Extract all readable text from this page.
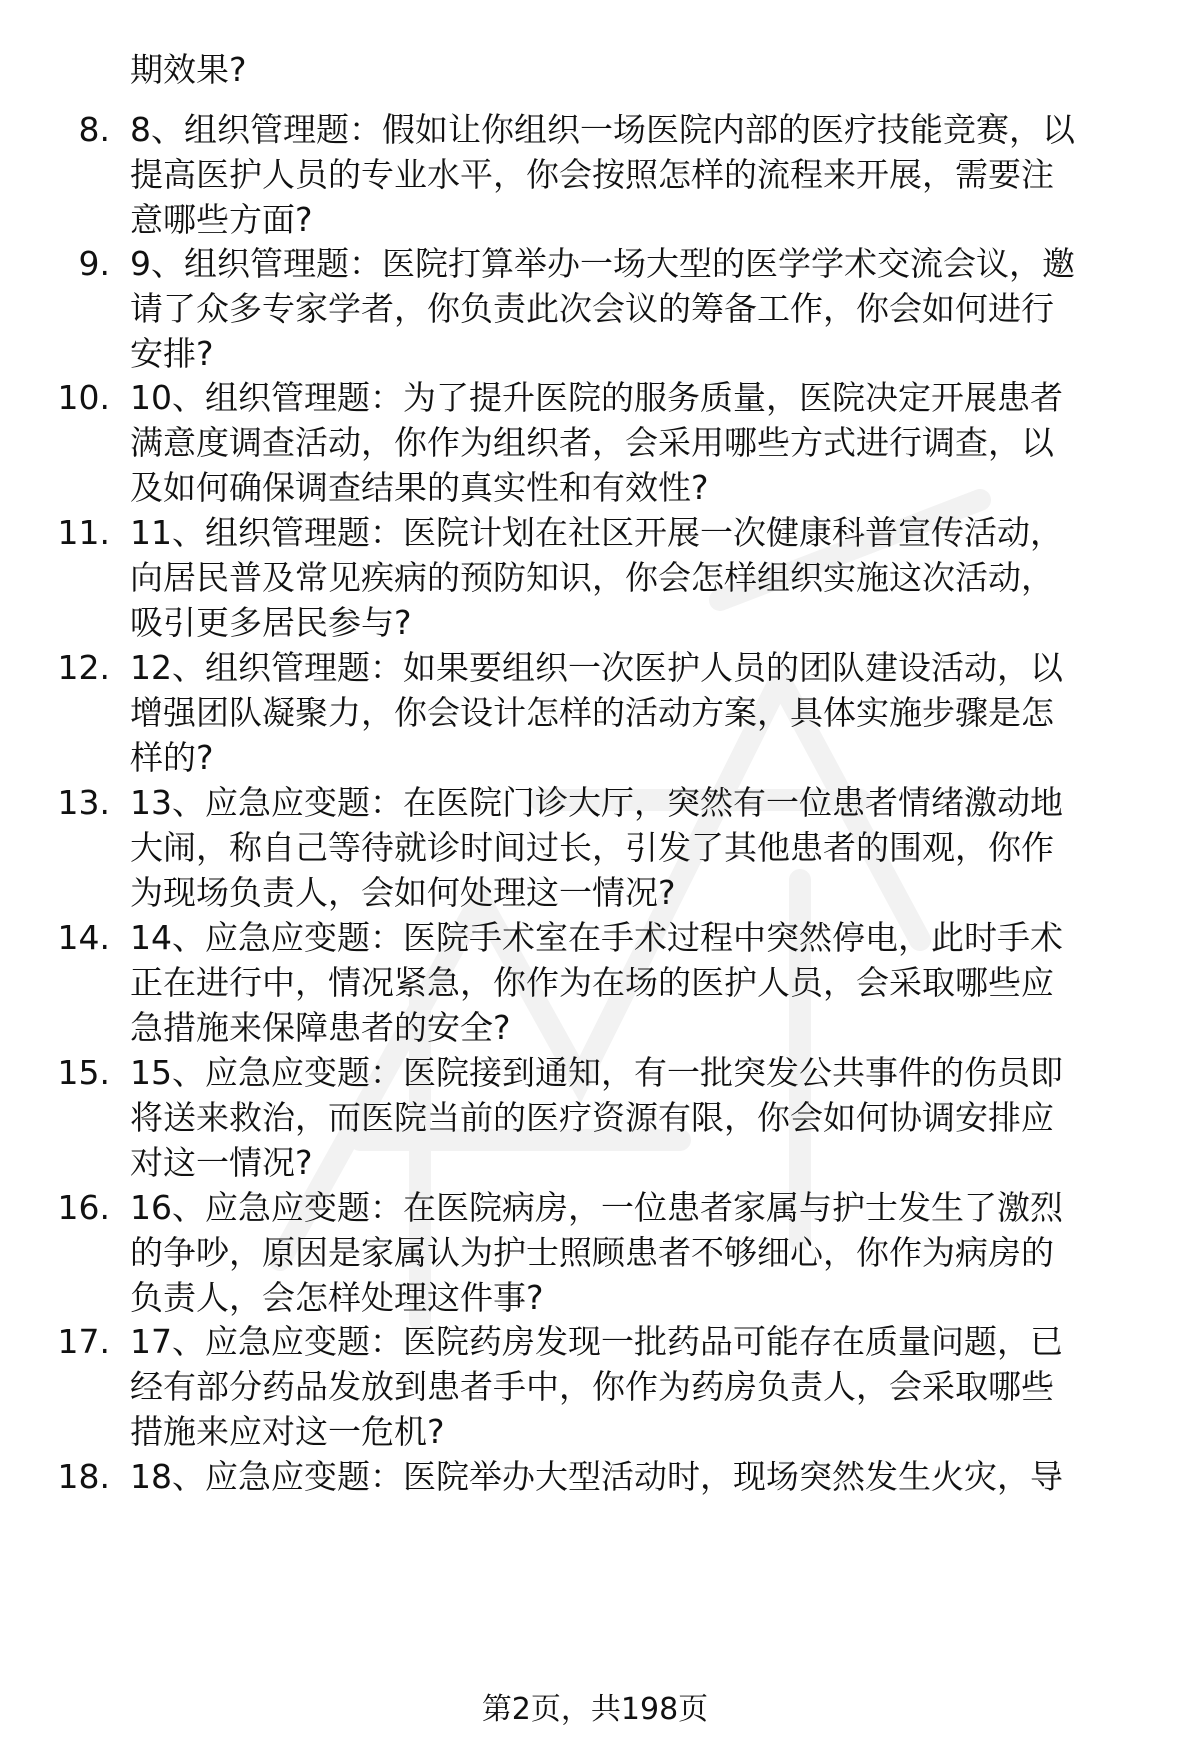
期效果?
8. 8、组织管理题：假如让你组织一场医院内部的医疗技能竞赛，以
提高医护人员的专业水平，你会按照怎样的流程来开展，需要注
意哪些方面?
9. 9、组织管理题：医院打算举办一场大型的医学学术交流会议，邀
请了众多专家学者，你负责此次会议的筹备工作，你会如何进行
安排?
10. 10、组织管理题：为了提升医院的服务质量，医院决定开展患者
满意度调查活动，你作为组织者，会采用哪些方式进行调查，以
及如何确保调查结果的真实性和有效性?
11. 11、组织管理题：医院计划在社区开展一次健康科普宣传活动，
向居民普及常见疾病的预防知识，你会怎样组织实施这次活动，
吸引更多居民参与?
12. 12、组织管理题：如果要组织一次医护人员的团队建设活动，以
增强团队凝聚力，你会设计怎样的活动方案，具体实施步骤是怎
样的?
13. 13、应急应变题：在医院门诊大厅，突然有一位患者情绪激动地
大闹，称自己等待就诊时间过长，引发了其他患者的围观，你作
为现场负责人，会如何处理这一情况?
14. 14、应急应变题：医院手术室在手术过程中突然停电，此时手术
正在进行中，情况紧急，你作为在场的医护人员，会采取哪些应
急措施来保障患者的安全?
15. 15、应急应变题：医院接到通知，有一批突发公共事件的伤员即
将送来救治，而医院当前的医疗资源有限，你会如何协调安排应
对这一情况?
16. 16、应急应变题：在医院病房，一位患者家属与护士发生了激烈
的争吵，原因是家属认为护士照顾患者不够细心，你作为病房的
负责人，会怎样处理这件事?
17. 17、应急应变题：医院药房发现一批药品可能存在质量问题，已
经有部分药品发放到患者手中，你作为药房负责人，会采取哪些
措施来应对这一危机?
18. 18、应急应变题：医院举办大型活动时，现场突然发生火灾，导
第2页，共198页
